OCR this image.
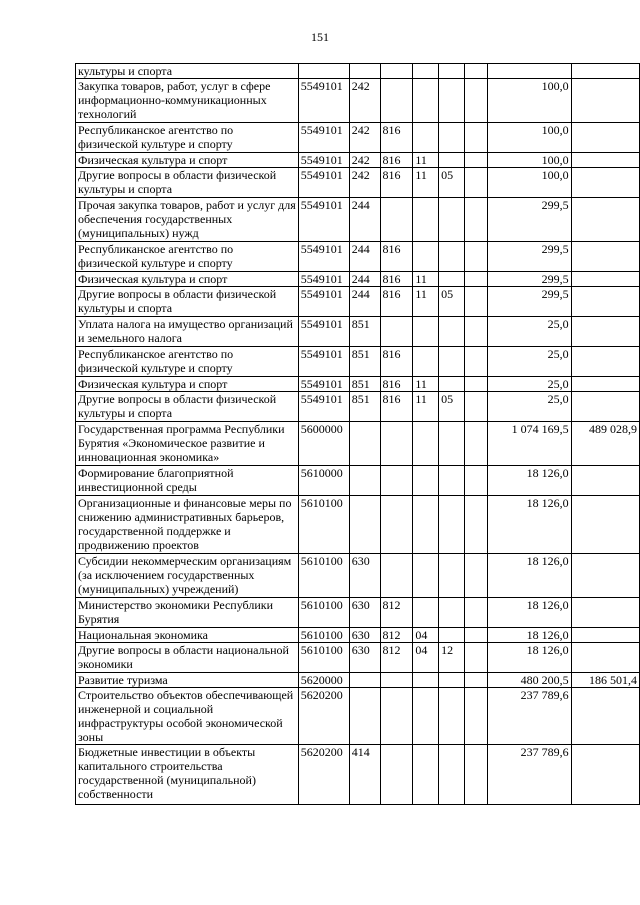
151
культуры и спорта								
Закупка товаров, работ, услуг в сфере информационно-коммуникационных технологий	5549101	242					100,0	
Республиканское агентство по физической культуре и спорту	5549101	242	816				100,0	
Физическая культура и спорт	5549101	242	816	11			100,0	
Другие вопросы в области физической культуры и спорта	5549101	242	816	11	05		100,0	
Прочая закупка товаров, работ и услуг для обеспечения государственных (муниципальных) нужд	5549101	244					299,5	
Республиканское агентство по физической культуре и спорту	5549101	244	816				299,5	
Физическая культура и спорт	5549101	244	816	11			299,5	
Другие вопросы в области физической культуры и спорта	5549101	244	816	11	05		299,5	
Уплата налога на имущество организаций и земельного налога	5549101	851					25,0	
Республиканское агентство по физической культуре и спорту	5549101	851	816				25,0	
Физическая культура и спорт	5549101	851	816	11			25,0	
Другие вопросы в области физической культуры и спорта	5549101	851	816	11	05		25,0	
Государственная программа Республики Бурятия «Экономическое развитие и инновационная экономика»	5600000						1 074 169,5	489 028,9
Формирование благоприятной инвестиционной среды	5610000						18 126,0	
Организационные и финансовые меры по снижению административных барьеров, государственной поддержке и продвижению проектов	5610100						18 126,0	
Субсидии некоммерческим организациям (за исключением государственных (муниципальных) учреждений)	5610100	630					18 126,0	
Министерство экономики Республики Бурятия	5610100	630	812				18 126,0	
Национальная экономика	5610100	630	812	04			18 126,0	
Другие вопросы в области национальной экономики	5610100	630	812	04	12		18 126,0	
Развитие туризма	5620000						480 200,5	186 501,4
Строительство объектов обеспечивающей инженерной и социальной инфраструктуры особой экономической зоны	5620200						237 789,6	
Бюджетные инвестиции в объекты капитального строительства государственной (муниципальной) собственности	5620200	414					237 789,6	
